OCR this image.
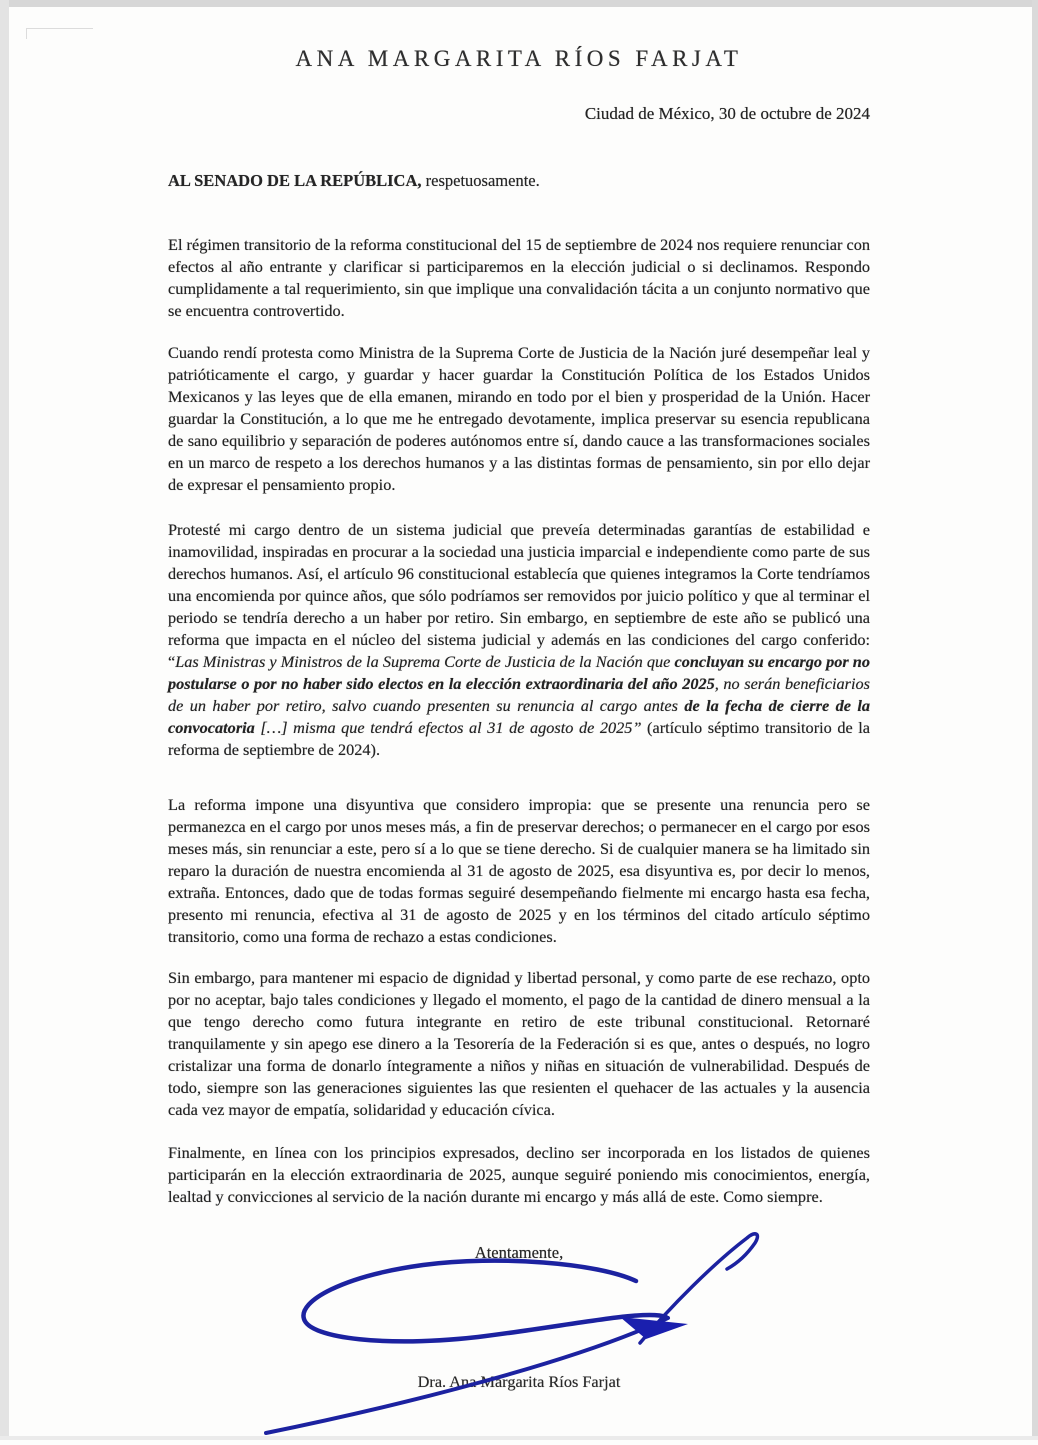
ANA MARGARITA RÍOS FARJAT
Ciudad de México, 30 de octubre de 2024
AL SENADO DE LA REPÚBLICA, respetuosamente.

El régimen transitorio de la reforma constitucional del 15 de septiembre de 2024 nos requiere renunciar con efectos al año entrante y clarificar si participaremos en la elección judicial o si declinamos. Respondo cumplidamente a tal requerimiento, sin que implique una convalidación tácita a un conjunto normativo que se encuentra controvertido.

Cuando rendí protesta como Ministra de la Suprema Corte de Justicia de la Nación juré desempeñar leal y patrióticamente el cargo, y guardar y hacer guardar la Constitución Política de los Estados Unidos Mexicanos y las leyes que de ella emanen, mirando en todo por el bien y prosperidad de la Unión. Hacer guardar la Constitución, a lo que me he entregado devotamente, implica preservar su esencia republicana de sano equilibrio y separación de poderes autónomos entre sí, dando cauce a las transformaciones sociales en un marco de respeto a los derechos humanos y a las distintas formas de pensamiento, sin por ello dejar de expresar el pensamiento propio.

Protesté mi cargo dentro de un sistema judicial que preveía determinadas garantías de estabilidad e inamovilidad, inspiradas en procurar a la sociedad una justicia imparcial e independiente como parte de sus derechos humanos. Así, el artículo 96 constitucional establecía que quienes integramos la Corte tendríamos una encomienda por quince años, que sólo podríamos ser removidos por juicio político y que al terminar el periodo se tendría derecho a un haber por retiro. Sin embargo, en septiembre de este año se publicó una reforma que impacta en el núcleo del sistema judicial y además en las condiciones del cargo conferido: “Las Ministras y Ministros de la Suprema Corte de Justicia de la Nación que concluyan su encargo por no postularse o por no haber sido electos en la elección extraordinaria del año 2025, no serán beneficiarios de un haber por retiro, salvo cuando presenten su renuncia al cargo antes de la fecha de cierre de la convocatoria […] misma que tendrá efectos al 31 de agosto de 2025” (artículo séptimo transitorio de la reforma de septiembre de 2024).

La reforma impone una disyuntiva que considero impropia: que se presente una renuncia pero se permanezca en el cargo por unos meses más, a fin de preservar derechos; o permanecer en el cargo por esos meses más, sin renunciar a este, pero sí a lo que se tiene derecho. Si de cualquier manera se ha limitado sin reparo la duración de nuestra encomienda al 31 de agosto de 2025, esa disyuntiva es, por decir lo menos, extraña. Entonces, dado que de todas formas seguiré desempeñando fielmente mi encargo hasta esa fecha, presento mi renuncia, efectiva al 31 de agosto de 2025 y en los términos del citado artículo séptimo transitorio, como una forma de rechazo a estas condiciones.

Sin embargo, para mantener mi espacio de dignidad y libertad personal, y como parte de ese rechazo, opto por no aceptar, bajo tales condiciones y llegado el momento, el pago de la cantidad de dinero mensual a la que tengo derecho como futura integrante en retiro de este tribunal constitucional. Retornaré tranquilamente y sin apego ese dinero a la Tesorería de la Federación si es que, antes o después, no logro cristalizar una forma de donarlo íntegramente a niños y niñas en situación de vulnerabilidad. Después de todo, siempre son las generaciones siguientes las que resienten el quehacer de las actuales y la ausencia cada vez mayor de empatía, solidaridad y educación cívica.

Finalmente, en línea con los principios expresados, declino ser incorporada en los listados de quienes participarán en la elección extraordinaria de 2025, aunque seguiré poniendo mis conocimientos, energía, lealtad y convicciones al servicio de la nación durante mi encargo y más allá de este. Como siempre.

Atentamente,
Dra. Ana Margarita Ríos Farjat
